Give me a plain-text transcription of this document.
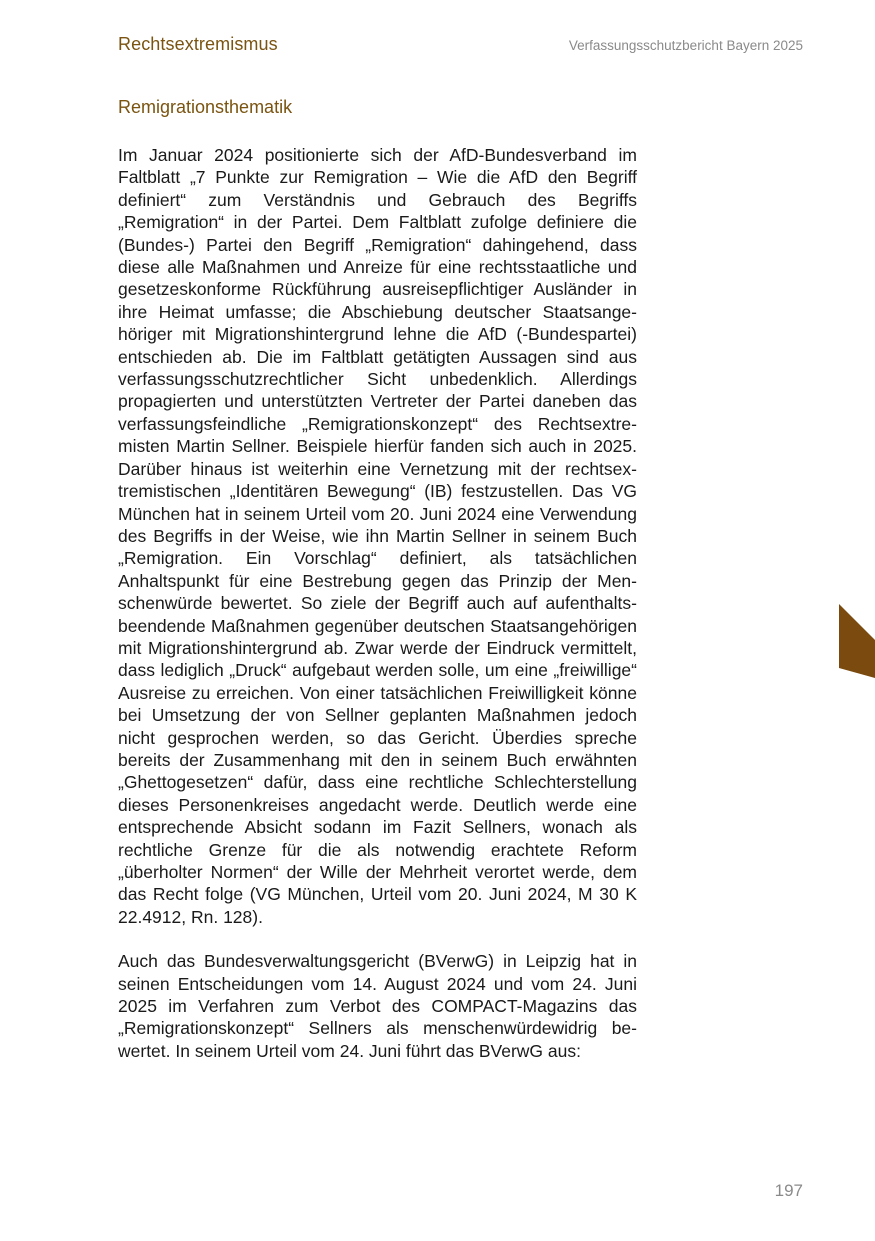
Rechtsextremismus	Verfassungsschutzbericht Bayern 2025
Remigrationsthematik

Im Januar 2024 positionierte sich der AfD-Bundesverband im Faltblatt „7 Punkte zur Remigration – Wie die AfD den Begriff definiert“ zum Verständnis und Gebrauch des Begriffs „Remigration“ in der Partei. Dem Faltblatt zufolge definiere die (Bundes-) Partei den Begriff „Remigration“ dahingehend, dass diese alle Maßnahmen und Anreize für eine rechtsstaatliche und gesetzeskonforme Rückführung ausreisepflichtiger Ausländer in ihre Heimat umfasse; die Abschiebung deutscher Staatsangehöriger mit Migrationshintergrund lehne die AfD (-Bundespartei) entschieden ab. Die im Faltblatt getätigten Aussagen sind aus verfassungsschutzrechtlicher Sicht unbedenklich. Allerdings propagierten und unterstützten Vertreter der Partei daneben das verfassungsfeindliche „Remigrationskonzept“ des Rechtsextremisten Martin Sellner. Beispiele hierfür fanden sich auch in 2025. Darüber hinaus ist weiterhin eine Vernetzung mit der rechtsextremistischen „Identitären Bewegung“ (IB) festzustellen. Das VG München hat in seinem Urteil vom 20. Juni 2024 eine Verwendung des Begriffs in der Weise, wie ihn Martin Sellner in seinem Buch „Remigration. Ein Vorschlag“ definiert, als tatsächlichen Anhaltspunkt für eine Bestrebung gegen das Prinzip der Menschenwürde bewertet. So ziele der Begriff auch auf aufenthaltsbeendende Maßnahmen gegenüber deutschen Staatsangehörigen mit Migrationshintergrund ab. Zwar werde der Eindruck vermittelt, dass lediglich „Druck“ aufgebaut werden solle, um eine „freiwillige“ Ausreise zu erreichen. Von einer tatsächlichen Freiwilligkeit könne bei Umsetzung der von Sellner geplanten Maßnahmen jedoch nicht gesprochen werden, so das Gericht. Überdies spreche bereits der Zusammenhang mit den in seinem Buch erwähnten „Ghettogesetzen“ dafür, dass eine rechtliche Schlechterstellung dieses Personenkreises angedacht werde. Deutlich werde eine entsprechende Absicht sodann im Fazit Sellners, wonach als rechtliche Grenze für die als notwendig erachtete Reform „überholter Normen“ der Wille der Mehrheit verortet werde, dem das Recht folge (VG München, Urteil vom 20. Juni 2024, M 30 K 22.4912, Rn. 128).

Auch das Bundesverwaltungsgericht (BVerwG) in Leipzig hat in seinen Entscheidungen vom 14. August 2024 und vom 24. Juni 2025 im Verfahren zum Verbot des COMPACT-Magazins das „Remigrationskonzept“ Sellners als menschenwürdewidrig bewertet. In seinem Urteil vom 24. Juni führt das BVerwG aus:

197
